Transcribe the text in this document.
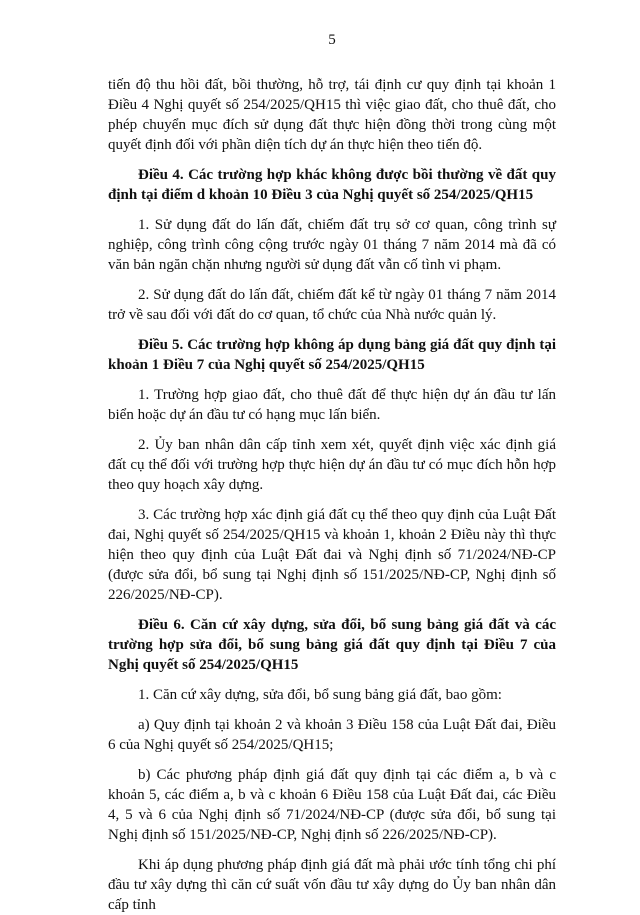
5

tiến độ thu hồi đất, bồi thường, hỗ trợ, tái định cư quy định tại khoản 1 Điều 4 Nghị quyết số 254/2025/QH15 thì việc giao đất, cho thuê đất, cho phép chuyển mục đích sử dụng đất thực hiện đồng thời trong cùng một quyết định đối với phần diện tích dự án thực hiện theo tiến độ.

Điều 4. Các trường hợp khác không được bồi thường về đất quy định tại điểm d khoản 10 Điều 3 của Nghị quyết số 254/2025/QH15

1. Sử dụng đất do lấn đất, chiếm đất trụ sở cơ quan, công trình sự nghiệp, công trình công cộng trước ngày 01 tháng 7 năm 2014 mà đã có văn bản ngăn chặn nhưng người sử dụng đất vẫn cố tình vi phạm.

2. Sử dụng đất do lấn đất, chiếm đất kể từ ngày 01 tháng 7 năm 2014 trở về sau đối với đất do cơ quan, tổ chức của Nhà nước quản lý.

Điều 5. Các trường hợp không áp dụng bảng giá đất quy định tại khoản 1 Điều 7 của Nghị quyết số 254/2025/QH15

1. Trường hợp giao đất, cho thuê đất để thực hiện dự án đầu tư lấn biển hoặc dự án đầu tư có hạng mục lấn biển.

2. Ủy ban nhân dân cấp tỉnh xem xét, quyết định việc xác định giá đất cụ thể đối với trường hợp thực hiện dự án đầu tư có mục đích hỗn hợp theo quy hoạch xây dựng.

3. Các trường hợp xác định giá đất cụ thể theo quy định của Luật Đất đai, Nghị quyết số 254/2025/QH15 và khoản 1, khoản 2 Điều này thì thực hiện theo quy định của Luật Đất đai và Nghị định số 71/2024/NĐ-CP (được sửa đổi, bổ sung tại Nghị định số 151/2025/NĐ-CP, Nghị định số 226/2025/NĐ-CP).

Điều 6. Căn cứ xây dựng, sửa đổi, bổ sung bảng giá đất và các trường hợp sửa đổi, bổ sung bảng giá đất quy định tại Điều 7 của Nghị quyết số 254/2025/QH15

1. Căn cứ xây dựng, sửa đổi, bổ sung bảng giá đất, bao gồm:

a) Quy định tại khoản 2 và khoản 3 Điều 158 của Luật Đất đai, Điều 6 của Nghị quyết số 254/2025/QH15;

b) Các phương pháp định giá đất quy định tại các điểm a, b và c khoản 5, các điểm a, b và c khoản 6 Điều 158 của Luật Đất đai, các Điều 4, 5 và 6 của Nghị định số 71/2024/NĐ-CP (được sửa đổi, bổ sung tại Nghị định số 151/2025/NĐ-CP, Nghị định số 226/2025/NĐ-CP).

Khi áp dụng phương pháp định giá đất mà phải ước tính tổng chi phí đầu tư xây dựng thì căn cứ suất vốn đầu tư xây dựng do Ủy ban nhân dân cấp tỉnh
